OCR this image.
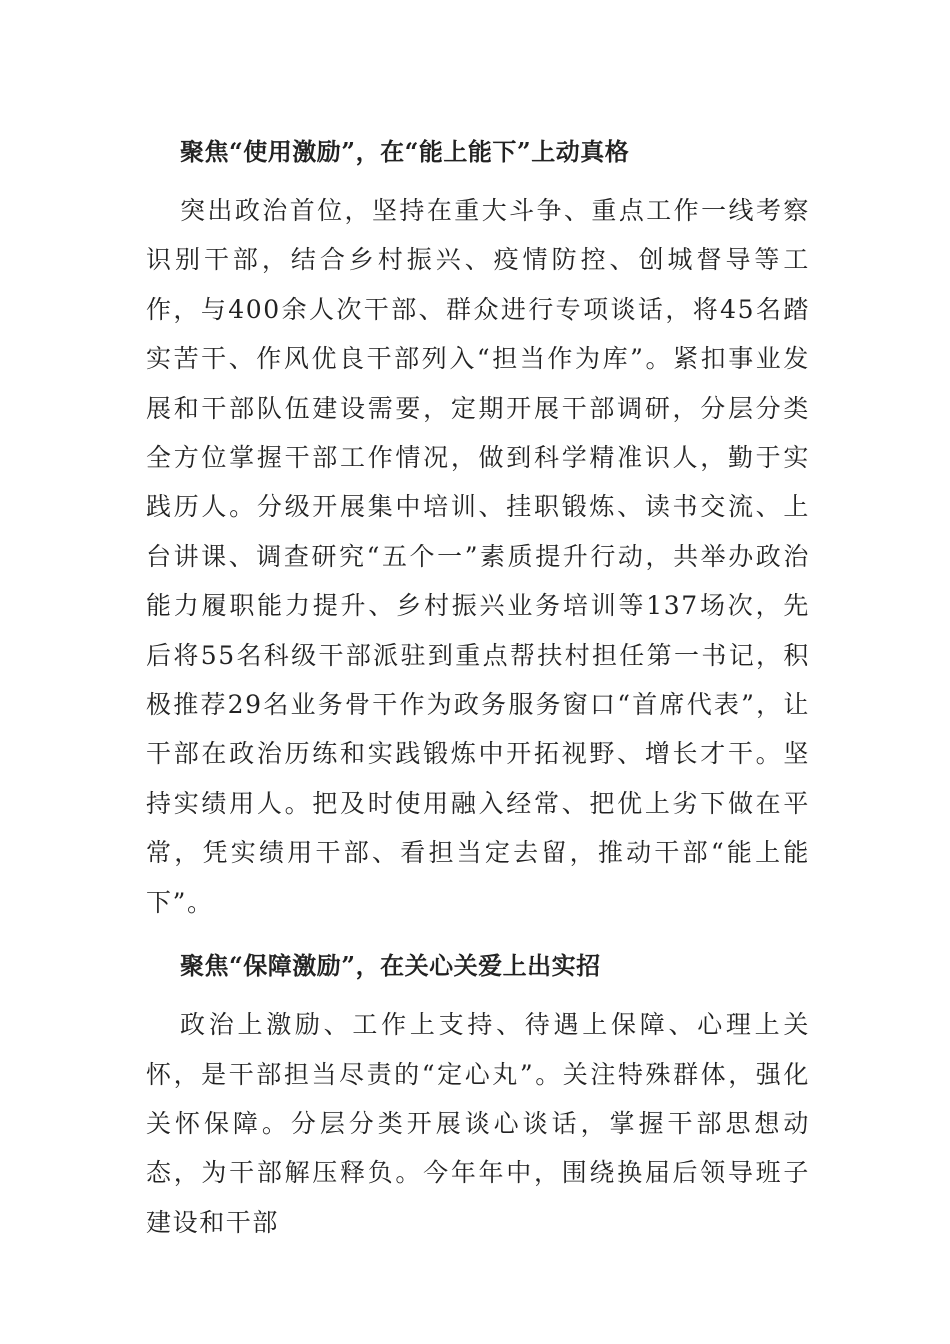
聚焦“使用激励”，在“能上能下”上动真格

突出政治首位，坚持在重大斗争、重点工作一线考察识别干部，结合乡村振兴、疫情防控、创城督导等工作，与400余人次干部、群众进行专项谈话，将45名踏实苦干、作风优良干部列入“担当作为库”。紧扣事业发展和干部队伍建设需要，定期开展干部调研，分层分类全方位掌握干部工作情况，做到科学精准识人，勤于实践历人。分级开展集中培训、挂职锻炼、读书交流、上台讲课、调查研究“五个一”素质提升行动，共举办政治能力履职能力提升、乡村振兴业务培训等137场次，先后将55名科级干部派驻到重点帮扶村担任第一书记，积极推荐29名业务骨干作为政务服务窗口“首席代表”，让干部在政治历练和实践锻炼中开拓视野、增长才干。坚持实绩用人。把及时使用融入经常、把优上劣下做在平常，凭实绩用干部、看担当定去留，推动干部“能上能下”。

聚焦“保障激励”，在关心关爱上出实招

政治上激励、工作上支持、待遇上保障、心理上关怀，是干部担当尽责的“定心丸”。关注特殊群体，强化关怀保障。分层分类开展谈心谈话，掌握干部思想动态，为干部解压释负。今年年中，围绕换届后领导班子建设和干部
